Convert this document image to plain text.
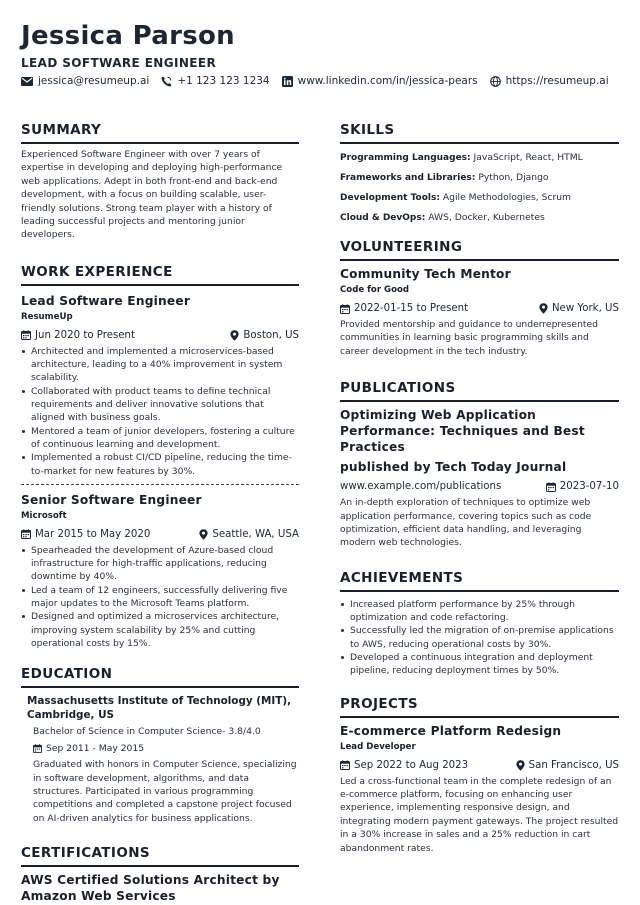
Jessica Parson
LEAD SOFTWARE ENGINEER
jessica@resumeup.ai	+1 123 123 1234	www.linkedin.com/in/jessica-pears	https://resumeup.ai
SUMMARY
Experienced Software Engineer with over 7 years of expertise in developing and deploying high-performance web applications. Adept in both front-end and back-end development, with a focus on building scalable, user-friendly solutions. Strong team player with a history of leading successful projects and mentoring junior developers.
WORK EXPERIENCE
Lead Software Engineer
ResumeUp
Jun 2020 to Present	Boston, US
Architected and implemented a microservices-based architecture, leading to a 40% improvement in system scalability.
Collaborated with product teams to define technical requirements and deliver innovative solutions that aligned with business goals.
Mentored a team of junior developers, fostering a culture of continuous learning and development.
Implemented a robust CI/CD pipeline, reducing the time-to-market for new features by 30%.
Senior Software Engineer
Microsoft
Mar 2015 to May 2020	Seattle, WA, USA
Spearheaded the development of Azure-based cloud infrastructure for high-traffic applications, reducing downtime by 40%.
Led a team of 12 engineers, successfully delivering five major updates to the Microsoft Teams platform.
Designed and optimized a microservices architecture, improving system scalability by 25% and cutting operational costs by 15%.
EDUCATION
Massachusetts Institute of Technology (MIT), Cambridge, US
Bachelor of Science in Computer Science- 3.8/4.0
Sep 2011 - May 2015
Graduated with honors in Computer Science, specializing in software development, algorithms, and data structures. Participated in various programming competitions and completed a capstone project focused on AI-driven analytics for business applications.
CERTIFICATIONS
AWS Certified Solutions Architect by Amazon Web Services
SKILLS
Programming Languages: JavaScript, React, HTML
Frameworks and Libraries: Python, Django
Development Tools: Agile Methodologies, Scrum
Cloud & DevOps: AWS, Docker, Kubernetes
VOLUNTEERING
Community Tech Mentor
Code for Good
2022-01-15 to Present	New York, US
Provided mentorship and guidance to underrepresented communities in learning basic programming skills and career development in the tech industry.
PUBLICATIONS
Optimizing Web Application Performance: Techniques and Best Practices
published by Tech Today Journal
www.example.com/publications	2023-07-10
An in-depth exploration of techniques to optimize web application performance, covering topics such as code optimization, efficient data handling, and leveraging modern web technologies.
ACHIEVEMENTS
Increased platform performance by 25% through optimization and code refactoring.
Successfully led the migration of on-premise applications to AWS, reducing operational costs by 30%.
Developed a continuous integration and deployment pipeline, reducing deployment times by 50%.
PROJECTS
E-commerce Platform Redesign
Lead Developer
Sep 2022 to Aug 2023	San Francisco, US
Led a cross-functional team in the complete redesign of an e-commerce platform, focusing on enhancing user experience, implementing responsive design, and integrating modern payment gateways. The project resulted in a 30% increase in sales and a 25% reduction in cart abandonment rates.
